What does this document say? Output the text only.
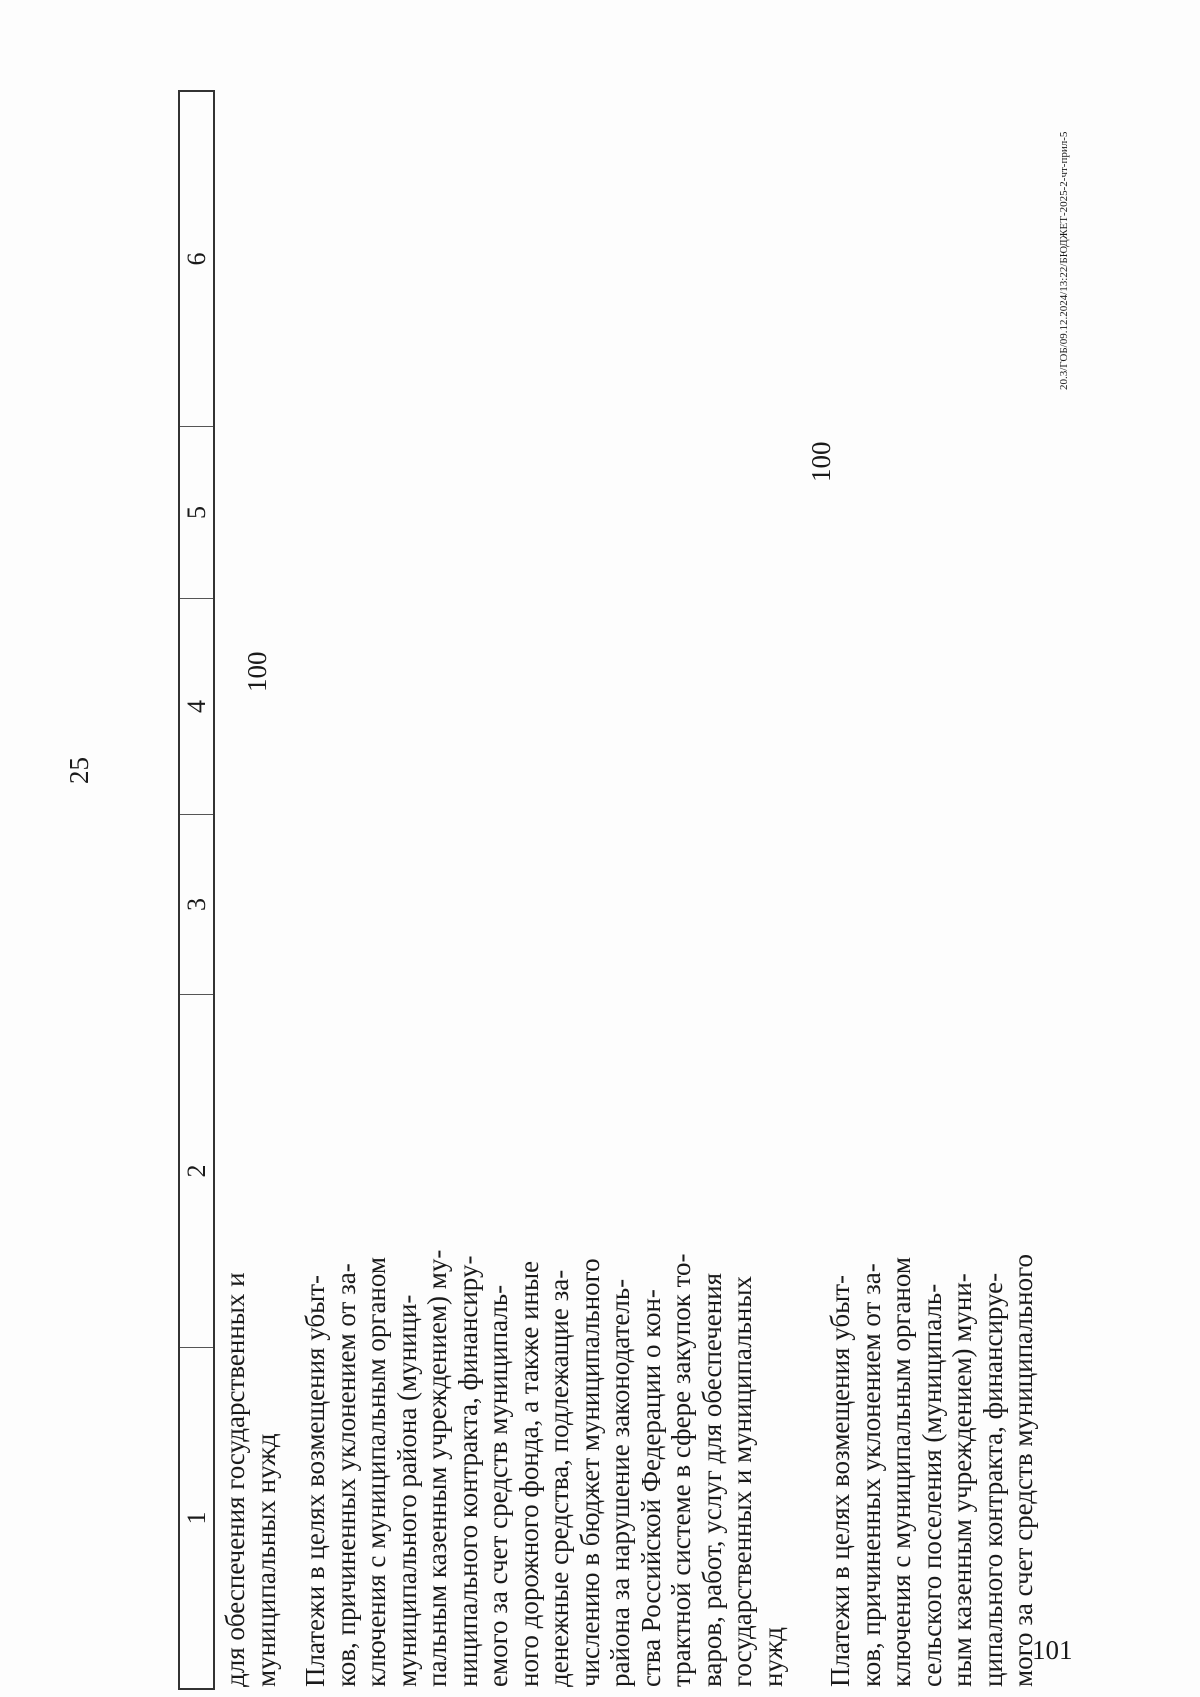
25
1
2
3
4
5
6
для обеспечения государственных и муниципальных нужд
100
Платежи в целях возмещения убыт- ков, причиненных уклонением от за- ключения с муниципальным органом муниципального района (муници- пальным казенным учреждением) му- ниципального контракта, финансиру- емого за счет средств муниципаль- ного дорожного фонда, а также иные денежные средства, подлежащие за- числению в бюджет муниципального района за нарушение законодатель- ства Российской Федерации о кон- трактной системе в сфере закупок то- варов, работ, услуг для обеспечения государственных и муниципальных нужд
100
Платежи в целях возмещения убыт- ков, причиненных уклонением от за- ключения с муниципальным органом сельского поселения (муниципаль- ным казенным учреждением) муни- ципального контракта, финансируе- мого за счет средств муниципального
20.3/ГОБ/09.12.2024/13:22/БЮДЖЕТ-2025-2-чт-прил-5
101
